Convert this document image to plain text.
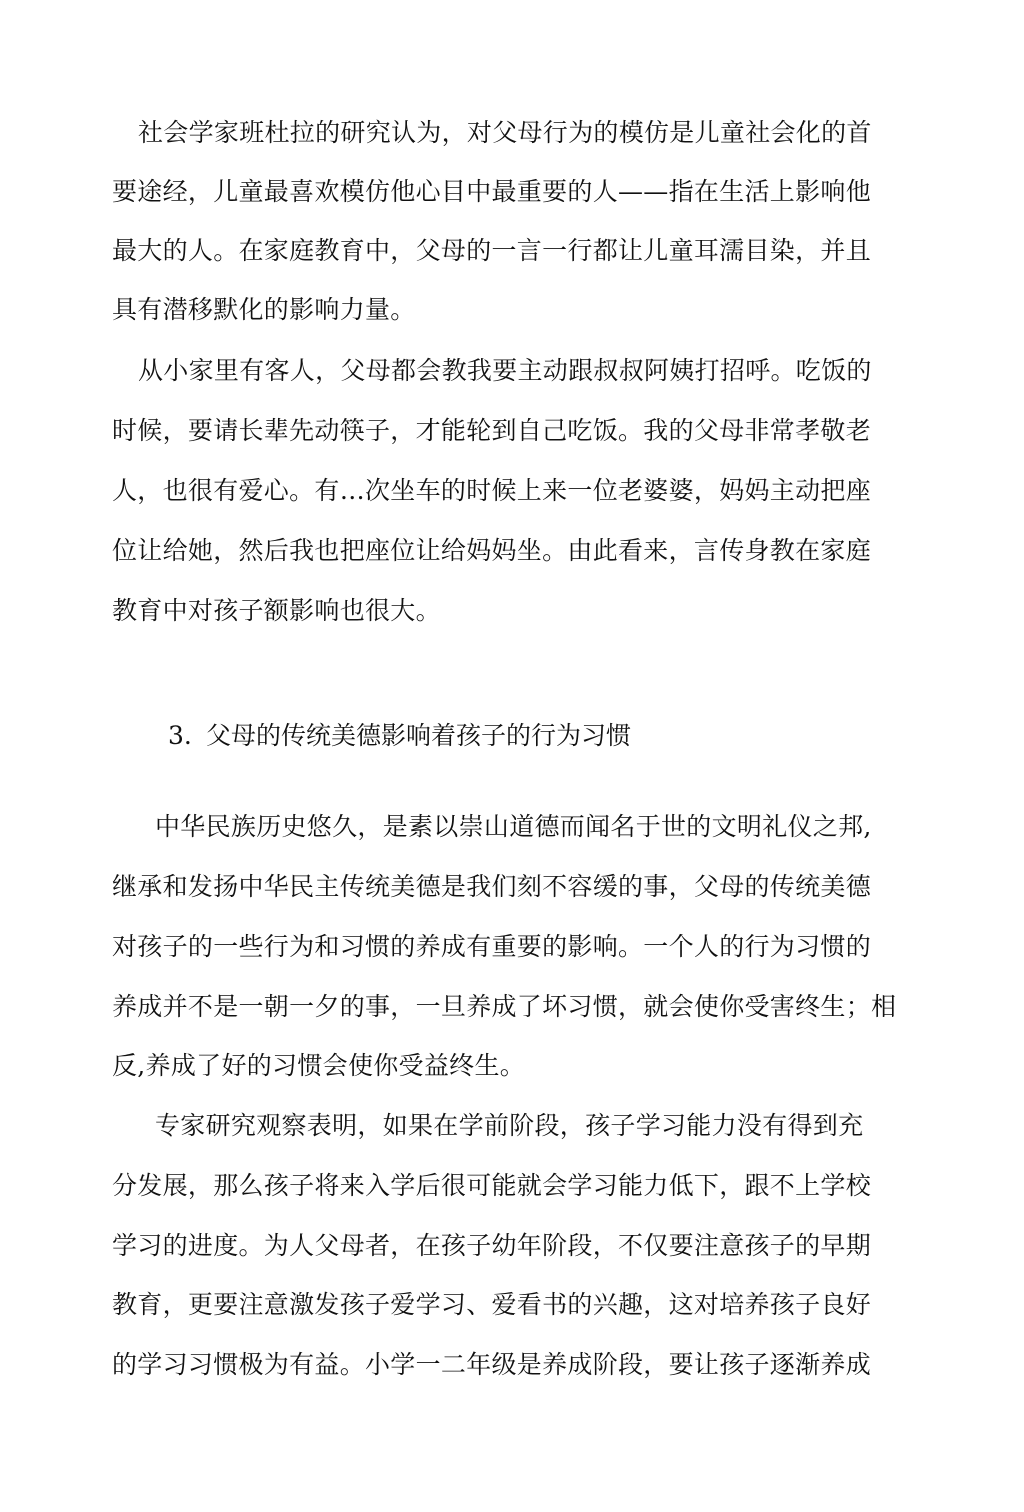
社会学家班杜拉的研究认为，对父母行为的模仿是儿童社会化的首
要途经，儿童最喜欢模仿他心目中最重要的人——指在生活上影响他
最大的人。在家庭教育中，父母的一言一行都让儿童耳濡目染，并且
具有潜移默化的影响力量。
从小家里有客人，父母都会教我要主动跟叔叔阿姨打招呼。吃饭的
时候，要请长辈先动筷子，才能轮到自己吃饭。我的父母非常孝敬老
人，也很有爱心。有…次坐车的时候上来一位老婆婆，妈妈主动把座
位让给她，然后我也把座位让给妈妈坐。由此看来，言传身教在家庭
教育中对孩子额影响也很大。
3. 父母的传统美德影响着孩子的行为习惯
中华民族历史悠久，是素以崇山道德而闻名于世的文明礼仪之邦,
继承和发扬中华民主传统美德是我们刻不容缓的事，父母的传统美德
对孩子的一些行为和习惯的养成有重要的影响。一个人的行为习惯的
养成并不是一朝一夕的事，一旦养成了坏习惯，就会使你受害终生；相
反,养成了好的习惯会使你受益终生。
专家研究观察表明，如果在学前阶段，孩子学习能力没有得到充
分发展，那么孩子将来入学后很可能就会学习能力低下，跟不上学校
学习的进度。为人父母者，在孩子幼年阶段，不仅要注意孩子的早期
教育，更要注意激发孩子爱学习、爱看书的兴趣，这对培养孩子良好
的学习习惯极为有益。小学一二年级是养成阶段，要让孩子逐渐养成
